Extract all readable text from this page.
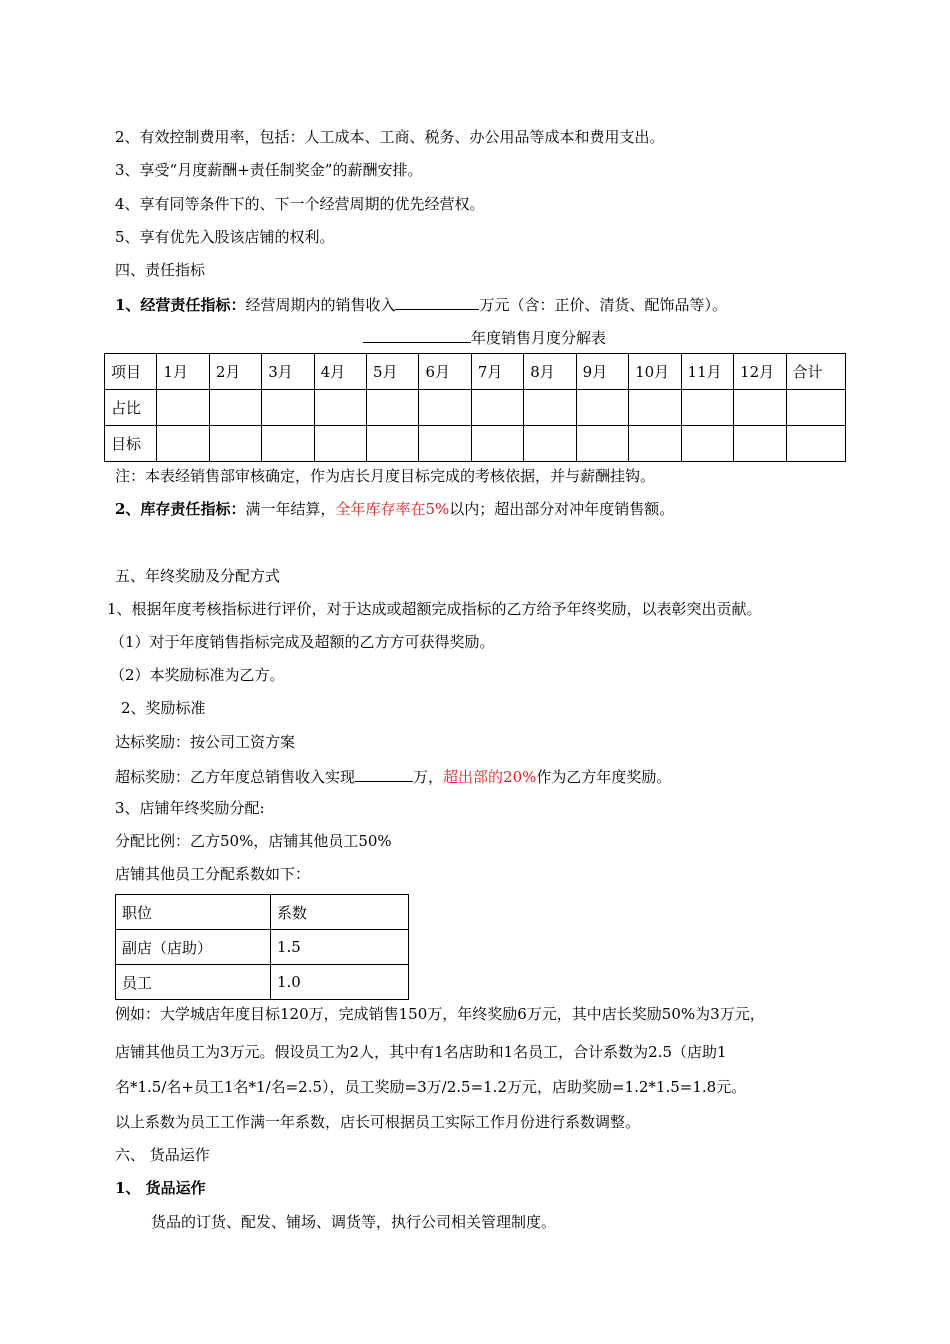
2、有效控制费用率，包括：人工成本、工商、税务、办公用品等成本和费用支出。
3、享受“月度薪酬+责任制奖金”的薪酬安排。
4、享有同等条件下的、下一个经营周期的优先经营权。
5、享有优先入股该店铺的权利。
四、责任指标
1、经营责任指标：经营周期内的销售收入	万元（含：正价、清货、配饰品等）。
年度销售月度分解表
项目	1月	2月	3月	4月	5月	6月	7月	8月	9月	10月	11月	12月	合计
占比													
目标													
注：本表经销售部审核确定，作为店长月度目标完成的考核依据，并与薪酬挂钩。
2、库存责任指标：满一年结算，全年库存率在5%以内；超出部分对冲年度销售额。
五、年终奖励及分配方式
1、根据年度考核指标进行评价，对于达成或超额完成指标的乙方给予年终奖励，以表彰突出贡献。
（1）对于年度销售指标完成及超额的乙方方可获得奖励。
（2）本奖励标准为乙方。
2、奖励标准
达标奖励：按公司工资方案
超标奖励：乙方年度总销售收入实现	万，超出部的20%作为乙方年度奖励。
3、店铺年终奖励分配:
分配比例：乙方50%，店铺其他员工50%
店铺其他员工分配系数如下：
职位	系数
副店（店助）	1.5
员工	1.0
例如：大学城店年度目标120万，完成销售150万，年终奖励6万元，其中店长奖励50%为3万元，
店铺其他员工为3万元。假设员工为2人，其中有1名店助和1名员工，合计系数为2.5（店助1
名*1.5/名+员工1名*1/名=2.5），员工奖励=3万/2.5=1.2万元，店助奖励=1.2*1.5=1.8元。
以上系数为员工工作满一年系数，店长可根据员工实际工作月份进行系数调整。
六、 货品运作
1、 货品运作
货品的订货、配发、铺场、调货等，执行公司相关管理制度。
